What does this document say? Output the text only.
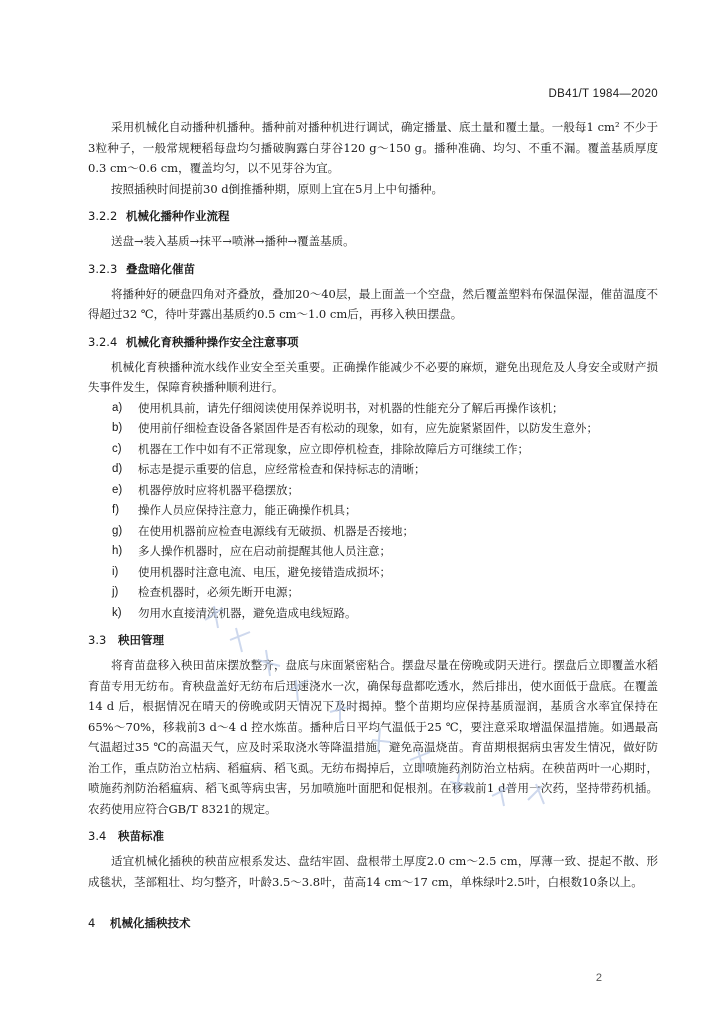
DB41/T 1984—2020

采用机械化自动播种机播种。播种前对播种机进行调试，确定播量、底土量和覆土量。一般每1 cm² 不少于3粒种子，一般常规粳稻每盘均匀播破胸露白芽谷120 g～150 g。播种准确、均匀、不重不漏。覆盖基质厚度0.3 cm～0.6 cm，覆盖均匀，以不见芽谷为宜。

按照插秧时间提前30 d倒推播种期，原则上宜在5月上中旬播种。

3.2.2 机械化播种作业流程

送盘→装入基质→抹平→喷淋→播种→覆盖基质。

3.2.3 叠盘暗化催苗

将播种好的硬盘四角对齐叠放，叠加20～40层，最上面盖一个空盘，然后覆盖塑料布保温保湿，催苗温度不得超过32 ℃，待叶芽露出基质约0.5 cm～1.0 cm后，再移入秧田摆盘。

3.2.4 机械化育秧播种操作安全注意事项

机械化育秧播种流水线作业安全至关重要。正确操作能减少不必要的麻烦，避免出现危及人身安全或财产损失事件发生，保障育秧播种顺利进行。

a)	使用机具前，请先仔细阅读使用保养说明书，对机器的性能充分了解后再操作该机；
b)	使用前仔细检查设备各紧固件是否有松动的现象，如有，应先旋紧紧固件，以防发生意外；
c)	机器在工作中如有不正常现象，应立即停机检查，排除故障后方可继续工作；
d)	标志是提示重要的信息，应经常检查和保持标志的清晰；
e)	机器停放时应将机器平稳摆放；
f)	操作人员应保持注意力，能正确操作机具；
g)	在使用机器前应检查电源线有无破损、机器是否接地；
h)	多人操作机器时，应在启动前提醒其他人员注意；
i)	使用机器时注意电流、电压，避免接错造成损坏；
j)	检查机器时，必须先断开电源；
k)	勿用水直接清洗机器，避免造成电线短路。
3.3 秧田管理

将育苗盘移入秧田苗床摆放整齐，盘底与床面紧密粘合。摆盘尽量在傍晚或阴天进行。摆盘后立即覆盖水稻育苗专用无纺布。育秧盘盖好无纺布后迅速浇水一次，确保每盘都吃透水，然后排出，使水面低于盘底。在覆盖14 d 后，根据情况在晴天的傍晚或阴天情况下及时揭掉。整个苗期均应保持基质湿润，基质含水率宜保持在65%～70%，移栽前3 d～4 d 控水炼苗。播种后日平均气温低于25 ℃，要注意采取增温保温措施。如遇最高气温超过35 ℃的高温天气，应及时采取浇水等降温措施，避免高温烧苗。育苗期根据病虫害发生情况，做好防治工作，重点防治立枯病、稻瘟病、稻飞虱。无纺布揭掉后，立即喷施药剂防治立枯病。在秧苗两叶一心期时，喷施药剂防治稻瘟病、稻飞虱等病虫害，另加喷施叶面肥和促根剂。在移栽前1 d普用一次药，坚持带药机插。农药使用应符合GB/T 8321的规定。

3.4 秧苗标准

适宜机械化插秧的秧苗应根系发达、盘结牢固、盘根带土厚度2.0 cm～2.5 cm，厚薄一致、提起不散、形成毯状，茎部粗壮、均匀整齐，叶龄3.5～3.8叶，苗高14 cm～17 cm，单株绿叶2.5叶，白根数10条以上。

4 机械化插秧技术
2
